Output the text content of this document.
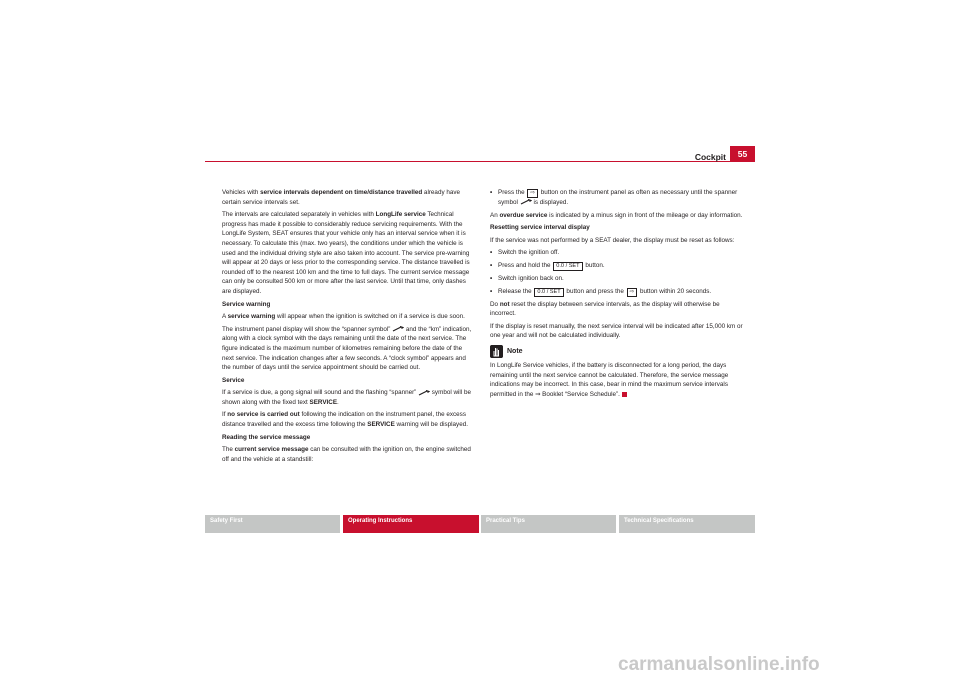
Cockpit	55

Vehicles with service intervals dependent on time/distance travelled already have certain service intervals set.

The intervals are calculated separately in vehicles with LongLife service Technical progress has made it possible to considerably reduce servicing requirements. With the LongLife System, SEAT ensures that your vehicle only has an interval service when it is necessary. To calculate this (max. two years), the conditions under which the vehicle is used and the individual driving style are also taken into account. The service pre-warning will appear at 20 days or less prior to the corresponding service. The distance travelled is rounded off to the nearest 100 km and the time to full days. The current service message can only be consulted 500 km or more after the last service. Until that time, only dashes are displayed.

Service warning

A service warning will appear when the ignition is switched on if a service is due soon.

The instrument panel display will show the “spanner symbol”  and the “km” indication, along with a clock symbol with the days remaining until the date of the next service. The figure indicated is the maximum number of kilometres remaining before the date of the next service. The indication changes after a few seconds. A “clock symbol” appears and the number of days until the service appointment should be carried out.

Service

If a service is due, a gong signal will sound and the flashing “spanner”  symbol will be shown along with the fixed text SERVICE.

If no service is carried out following the indication on the instrument panel, the excess distance travelled and the excess time following the SERVICE warning will be displayed.

Reading the service message

The current service message can be consulted with the ignition on, the engine switched off and the vehicle at a standstill:

• Press the ⇨ button on the instrument panel as often as necessary until the spanner symbol  is displayed.

An overdue service is indicated by a minus sign in front of the mileage or day information.

Resetting service interval display

If the service was not performed by a SEAT dealer, the display must be reset as follows:

• Switch the ignition off.

• Press and hold the 0.0 / SET button.

• Switch ignition back on.

• Release the 0.0 / SET button and press the ⇨ button within 20 seconds.

Do not reset the display between service intervals, as the display will otherwise be incorrect.

If the display is reset manually, the next service interval will be indicated after 15,000 km or one year and will not be calculated individually.

Note

In LongLife Service vehicles, if the battery is disconnected for a long period, the days remaining until the next service cannot be calculated. Therefore, the service message indications may be incorrect. In this case, bear in mind the maximum service intervals permitted in the ⇒ Booklet “Service Schedule”.

Safety First	Operating Instructions	Practical Tips	Technical Specifications
carmanualsonline.info
